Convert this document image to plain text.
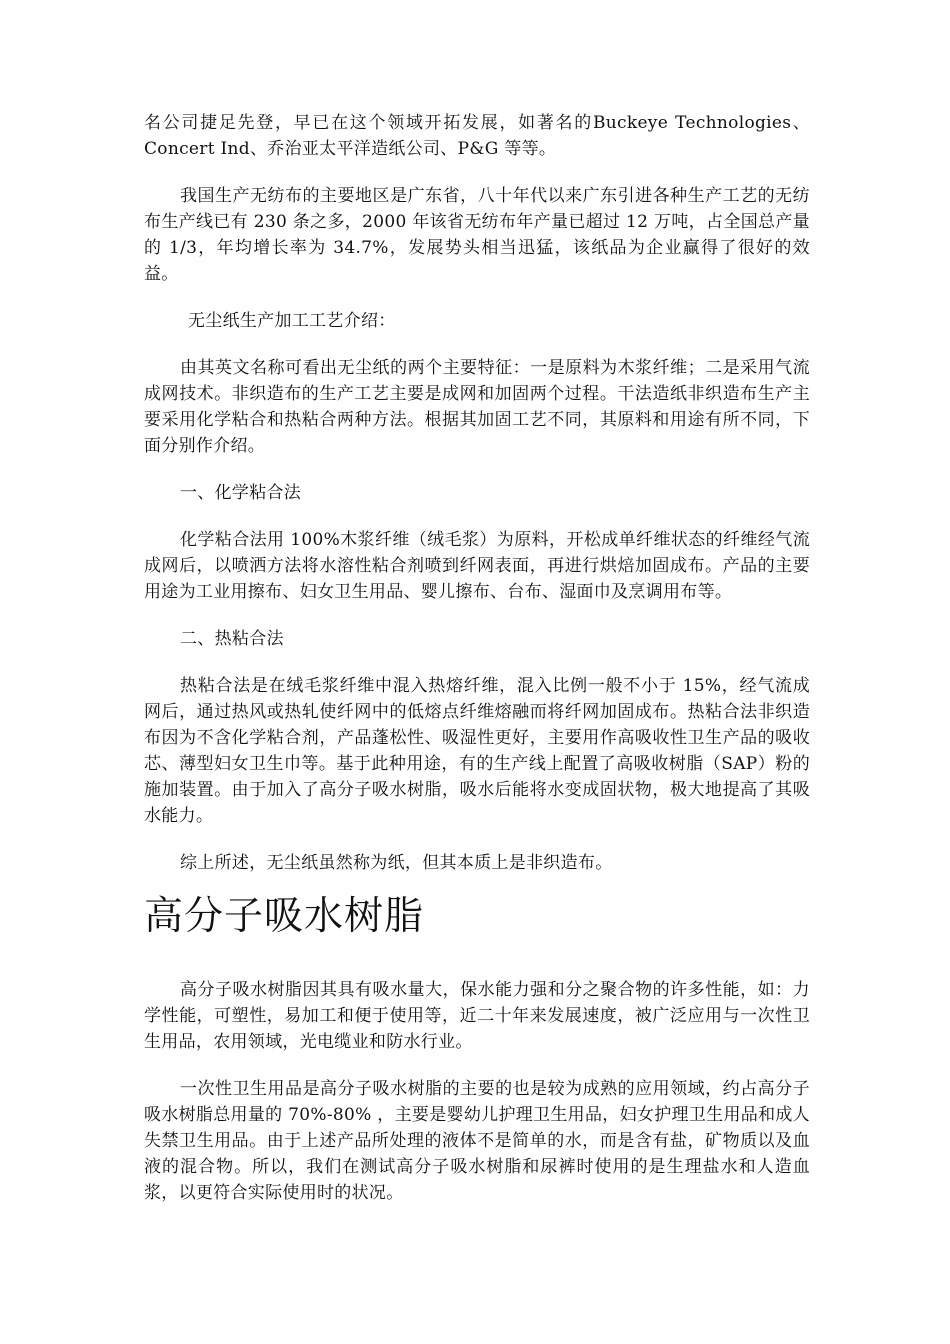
名公司捷足先登，早已在这个领域开拓发展，如著名的Buckeye Technologies、Concert Ind、乔治亚太平洋造纸公司、P&G 等等。

我国生产无纺布的主要地区是广东省，八十年代以来广东引进各种生产工艺的无纺布生产线已有 230 条之多，2000 年该省无纺布年产量已超过 12 万吨，占全国总产量的 1/3，年均增长率为 34.7%，发展势头相当迅猛，该纸品为企业赢得了很好的效益。

无尘纸生产加工工艺介绍：

由其英文名称可看出无尘纸的两个主要特征：一是原料为木浆纤维；二是采用气流成网技术。非织造布的生产工艺主要是成网和加固两个过程。干法造纸非织造布生产主要采用化学粘合和热粘合两种方法。根据其加固工艺不同，其原料和用途有所不同，下面分别作介绍。

一、化学粘合法

化学粘合法用 100%木浆纤维（绒毛浆）为原料，开松成单纤维状态的纤维经气流成网后，以喷洒方法将水溶性粘合剂喷到纤网表面，再进行烘焙加固成布。产品的主要用途为工业用擦布、妇女卫生用品、婴儿擦布、台布、湿面巾及烹调用布等。

二、热粘合法

热粘合法是在绒毛浆纤维中混入热熔纤维，混入比例一般不小于 15%，经气流成网后，通过热风或热轧使纤网中的低熔点纤维熔融而将纤网加固成布。热粘合法非织造布因为不含化学粘合剂，产品蓬松性、吸湿性更好，主要用作高吸收性卫生产品的吸收芯、薄型妇女卫生巾等。基于此种用途，有的生产线上配置了高吸收树脂（SAP）粉的施加装置。由于加入了高分子吸水树脂，吸水后能将水变成固状物，极大地提高了其吸水能力。

综上所述，无尘纸虽然称为纸，但其本质上是非织造布。

高分子吸水树脂

高分子吸水树脂因其具有吸水量大，保水能力强和分之聚合物的许多性能，如：力学性能，可塑性，易加工和便于使用等，近二十年来发展速度，被广泛应用与一次性卫生用品，农用领域，光电缆业和防水行业。

一次性卫生用品是高分子吸水树脂的主要的也是较为成熟的应用领域，约占高分子吸水树脂总用量的 70%-80% ，主要是婴幼儿护理卫生用品，妇女护理卫生用品和成人失禁卫生用品。由于上述产品所处理的液体不是简单的水，而是含有盐，矿物质以及血液的混合物。所以，我们在测试高分子吸水树脂和尿裤时使用的是生理盐水和人造血浆，以更符合实际使用时的状况。
